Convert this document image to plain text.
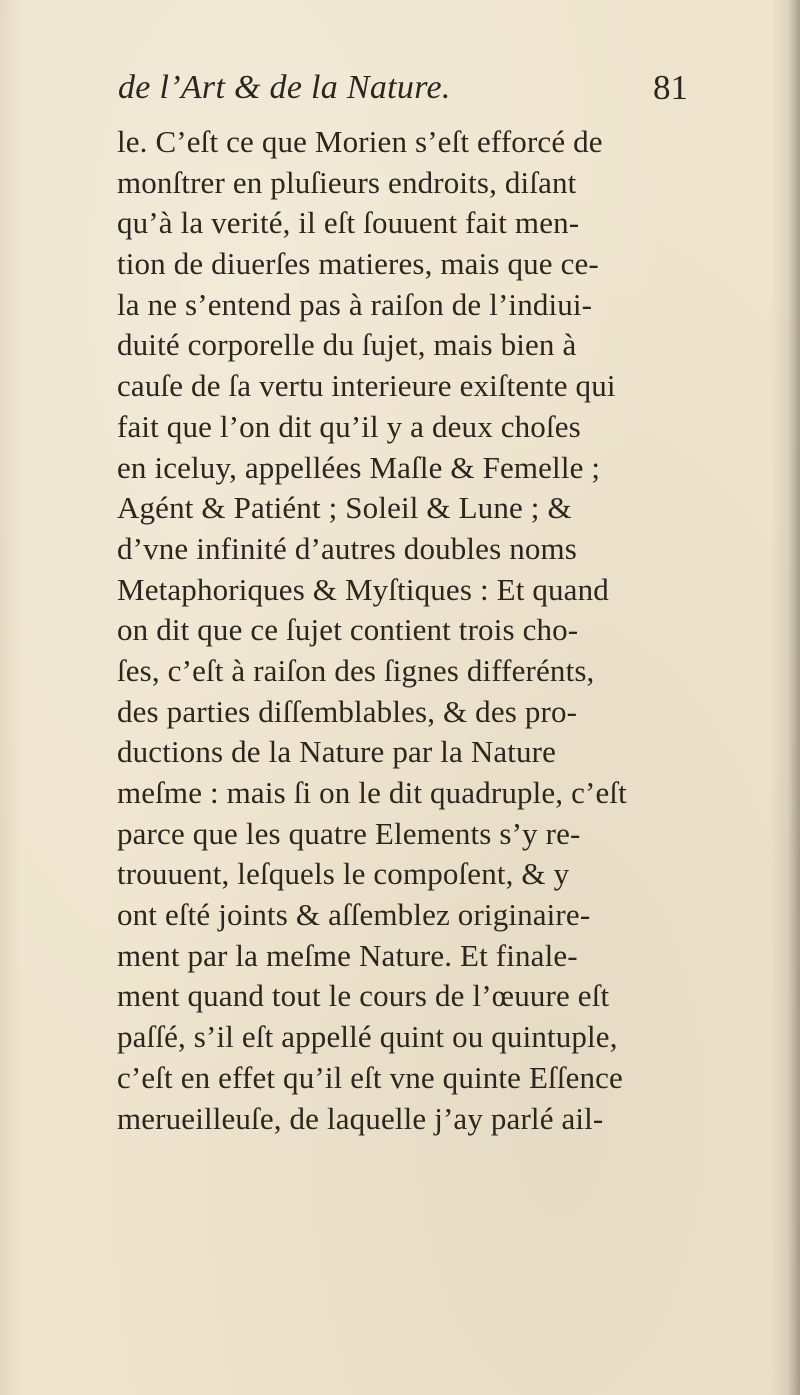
de l’Art & de la Nature.	81
le. C’eſt ce que Morien s’eſt efforcé de
monſtrer en pluſieurs endroits, diſant
qu’à la verité, il eſt ſouuent fait men-
tion de diuerſes matieres, mais que ce-
la ne s’entend pas à raiſon de l’indiui-
duité corporelle du ſujet, mais bien à
cauſe de ſa vertu interieure exiſtente qui
fait que l’on dit qu’il y a deux choſes
en iceluy, appellées Maſle & Femelle ;
Agént & Patiént ; Soleil & Lune ; &
d’vne infinité d’autres doubles noms
Metaphoriques & Myſtiques : Et quand
on dit que ce ſujet contient trois cho-
ſes, c’eſt à raiſon des ſignes differénts,
des parties diſſemblables, & des pro-
ductions de la Nature par la Nature
meſme : mais ſi on le dit quadruple, c’eſt
parce que les quatre Elements s’y re-
trouuent, leſquels le compoſent, & y
ont eſté joints & aſſemblez originaire-
ment par la meſme Nature. Et finale-
ment quand tout le cours de l’œuure eſt
paſſé, s’il eſt appellé quint ou quintuple,
c’eſt en effet qu’il eſt vne quinte Eſſence
merueilleuſe, de laquelle j’ay parlé ail-
